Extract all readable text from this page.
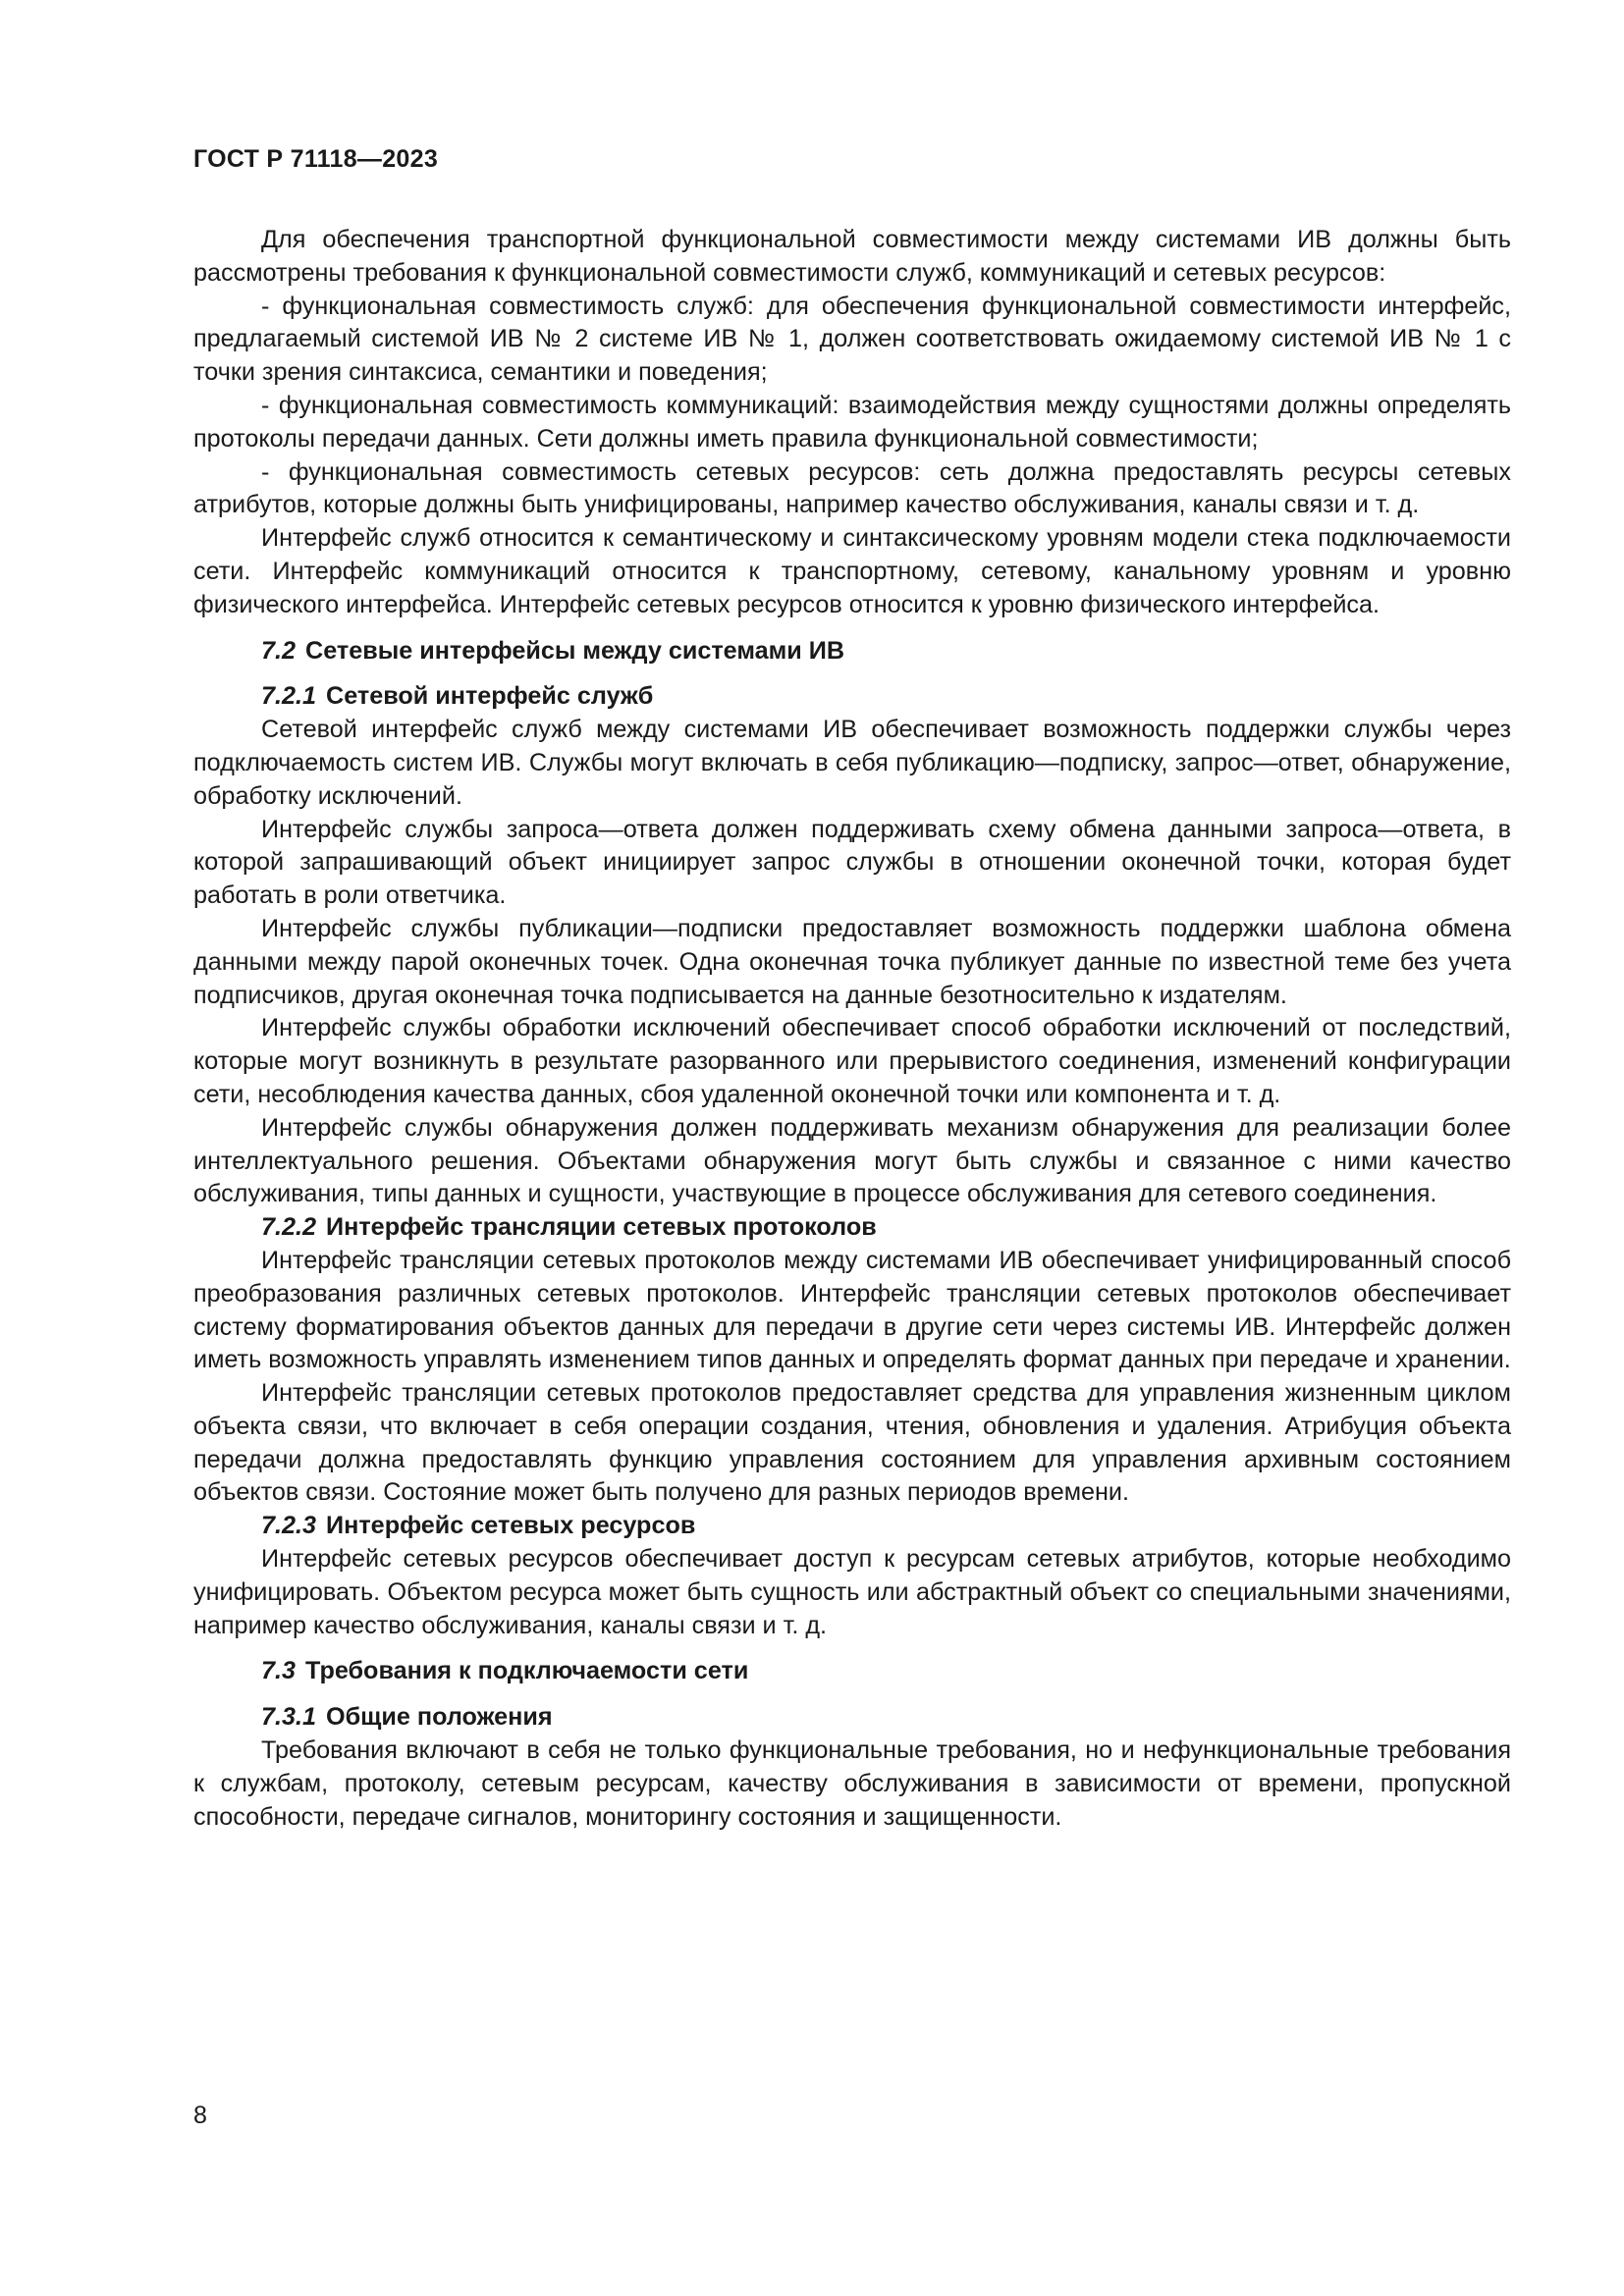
ГОСТ Р 71118—2023

Для обеспечения транспортной функциональной совместимости между системами ИВ должны быть рассмотрены требования к функциональной совместимости служб, коммуникаций и сетевых ресурсов:

- функциональная совместимость служб: для обеспечения функциональной совместимости интерфейс, предлагаемый системой ИВ № 2 системе ИВ № 1, должен соответствовать ожидаемому системой ИВ № 1 с точки зрения синтаксиса, семантики и поведения;

- функциональная совместимость коммуникаций: взаимодействия между сущностями должны определять протоколы передачи данных. Сети должны иметь правила функциональной совместимости;

- функциональная совместимость сетевых ресурсов: сеть должна предоставлять ресурсы сетевых атрибутов, которые должны быть унифицированы, например качество обслуживания, каналы связи и т. д.

Интерфейс служб относится к семантическому и синтаксическому уровням модели стека подключаемости сети. Интерфейс коммуникаций относится к транспортному, сетевому, канальному уровням и уровню физического интерфейса. Интерфейс сетевых ресурсов относится к уровню физического интерфейса.

7.2 Сетевые интерфейсы между системами ИВ
7.2.1 Сетевой интерфейс служб

Сетевой интерфейс служб между системами ИВ обеспечивает возможность поддержки службы через подключаемость систем ИВ. Службы могут включать в себя публикацию—подписку, запрос—ответ, обнаружение, обработку исключений.

Интерфейс службы запроса—ответа должен поддерживать схему обмена данными запроса—ответа, в которой запрашивающий объект инициирует запрос службы в отношении оконечной точки, которая будет работать в роли ответчика.

Интерфейс службы публикации—подписки предоставляет возможность поддержки шаблона обмена данными между парой оконечных точек. Одна оконечная точка публикует данные по известной теме без учета подписчиков, другая оконечная точка подписывается на данные безотносительно к издателям.

Интерфейс службы обработки исключений обеспечивает способ обработки исключений от последствий, которые могут возникнуть в результате разорванного или прерывистого соединения, изменений конфигурации сети, несоблюдения качества данных, сбоя удаленной оконечной точки или компонента и т. д.

Интерфейс службы обнаружения должен поддерживать механизм обнаружения для реализации более интеллектуального решения. Объектами обнаружения могут быть службы и связанное с ними качество обслуживания, типы данных и сущности, участвующие в процессе обслуживания для сетевого соединения.

7.2.2 Интерфейс трансляции сетевых протоколов

Интерфейс трансляции сетевых протоколов между системами ИВ обеспечивает унифицированный способ преобразования различных сетевых протоколов. Интерфейс трансляции сетевых протоколов обеспечивает систему форматирования объектов данных для передачи в другие сети через системы ИВ. Интерфейс должен иметь возможность управлять изменением типов данных и определять формат данных при передаче и хранении.

Интерфейс трансляции сетевых протоколов предоставляет средства для управления жизненным циклом объекта связи, что включает в себя операции создания, чтения, обновления и удаления. Атрибуция объекта передачи должна предоставлять функцию управления состоянием для управления архивным состоянием объектов связи. Состояние может быть получено для разных периодов времени.

7.2.3 Интерфейс сетевых ресурсов

Интерфейс сетевых ресурсов обеспечивает доступ к ресурсам сетевых атрибутов, которые необходимо унифицировать. Объектом ресурса может быть сущность или абстрактный объект со специальными значениями, например качество обслуживания, каналы связи и т. д.

7.3 Требования к подключаемости сети
7.3.1 Общие положения

Требования включают в себя не только функциональные требования, но и нефункциональные требования к службам, протоколу, сетевым ресурсам, качеству обслуживания в зависимости от времени, пропускной способности, передаче сигналов, мониторингу состояния и защищенности.

8
